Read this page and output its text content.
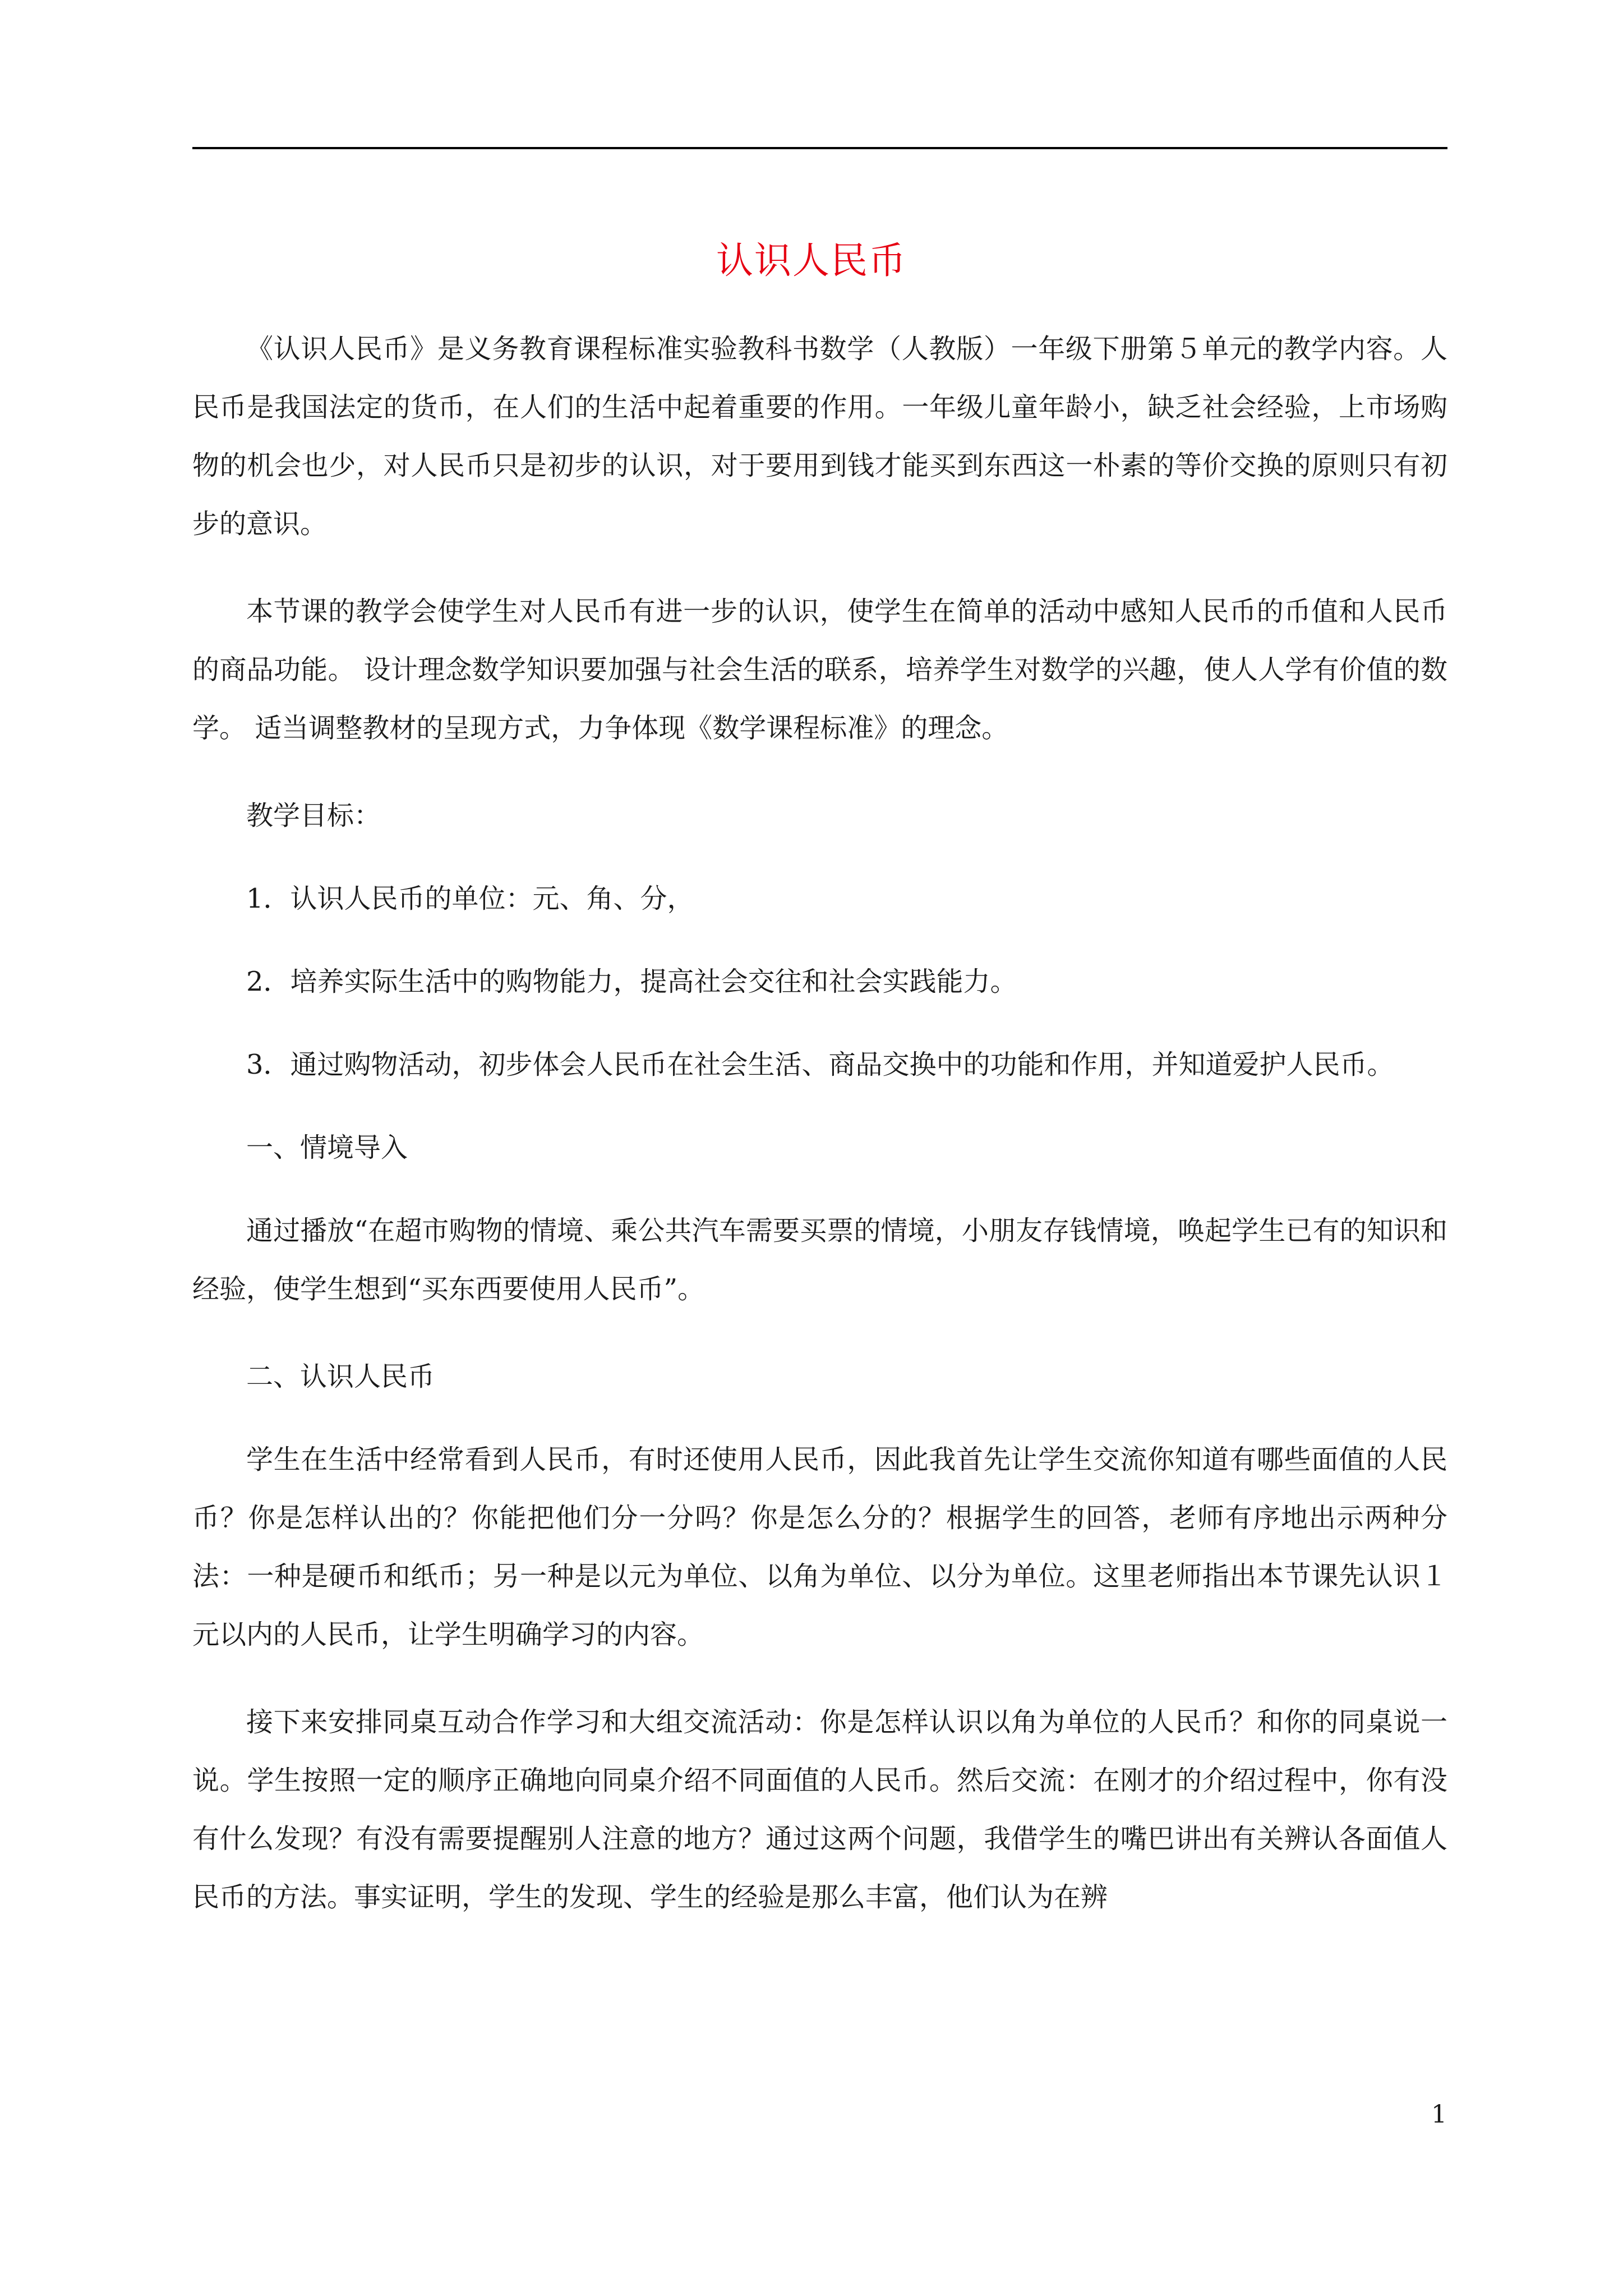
认识人民币

《认识人民币》是义务教育课程标准实验教科书数学（人教版）一年级下册第５单元的教学内容。人民币是我国法定的货币，在人们的生活中起着重要的作用。一年级儿童年龄小，缺乏社会经验，上市场购物的机会也少，对人民币只是初步的认识，对于要用到钱才能买到东西这一朴素的等价交换的原则只有初步的意识。

本节课的教学会使学生对人民币有进一步的认识，使学生在简单的活动中感知人民币的币值和人民币的商品功能。 设计理念数学知识要加强与社会生活的联系，培养学生对数学的兴趣，使人人学有价值的数学。 适当调整教材的呈现方式，力争体现《数学课程标准》的理念。

教学目标：

1．认识人民币的单位：元、角、分，

2．培养实际生活中的购物能力，提高社会交往和社会实践能力。

3．通过购物活动，初步体会人民币在社会生活、商品交换中的功能和作用，并知道爱护人民币。

一、情境导入

通过播放“在超市购物的情境、乘公共汽车需要买票的情境，小朋友存钱情境，唤起学生已有的知识和经验，使学生想到“买东西要使用人民币”。

二、认识人民币

学生在生活中经常看到人民币，有时还使用人民币，因此我首先让学生交流你知道有哪些面值的人民币？你是怎样认出的？你能把他们分一分吗？你是怎么分的？根据学生的回答，老师有序地出示两种分法：一种是硬币和纸币；另一种是以元为单位、以角为单位、以分为单位。这里老师指出本节课先认识１元以内的人民币，让学生明确学习的内容。

接下来安排同桌互动合作学习和大组交流活动：你是怎样认识以角为单位的人民币？和你的同桌说一说。学生按照一定的顺序正确地向同桌介绍不同面值的人民币。然后交流：在刚才的介绍过程中，你有没有什么发现？有没有需要提醒别人注意的地方？通过这两个问题，我借学生的嘴巴讲出有关辨认各面值人民币的方法。事实证明，学生的发现、学生的经验是那么丰富，他们认为在辨

1
